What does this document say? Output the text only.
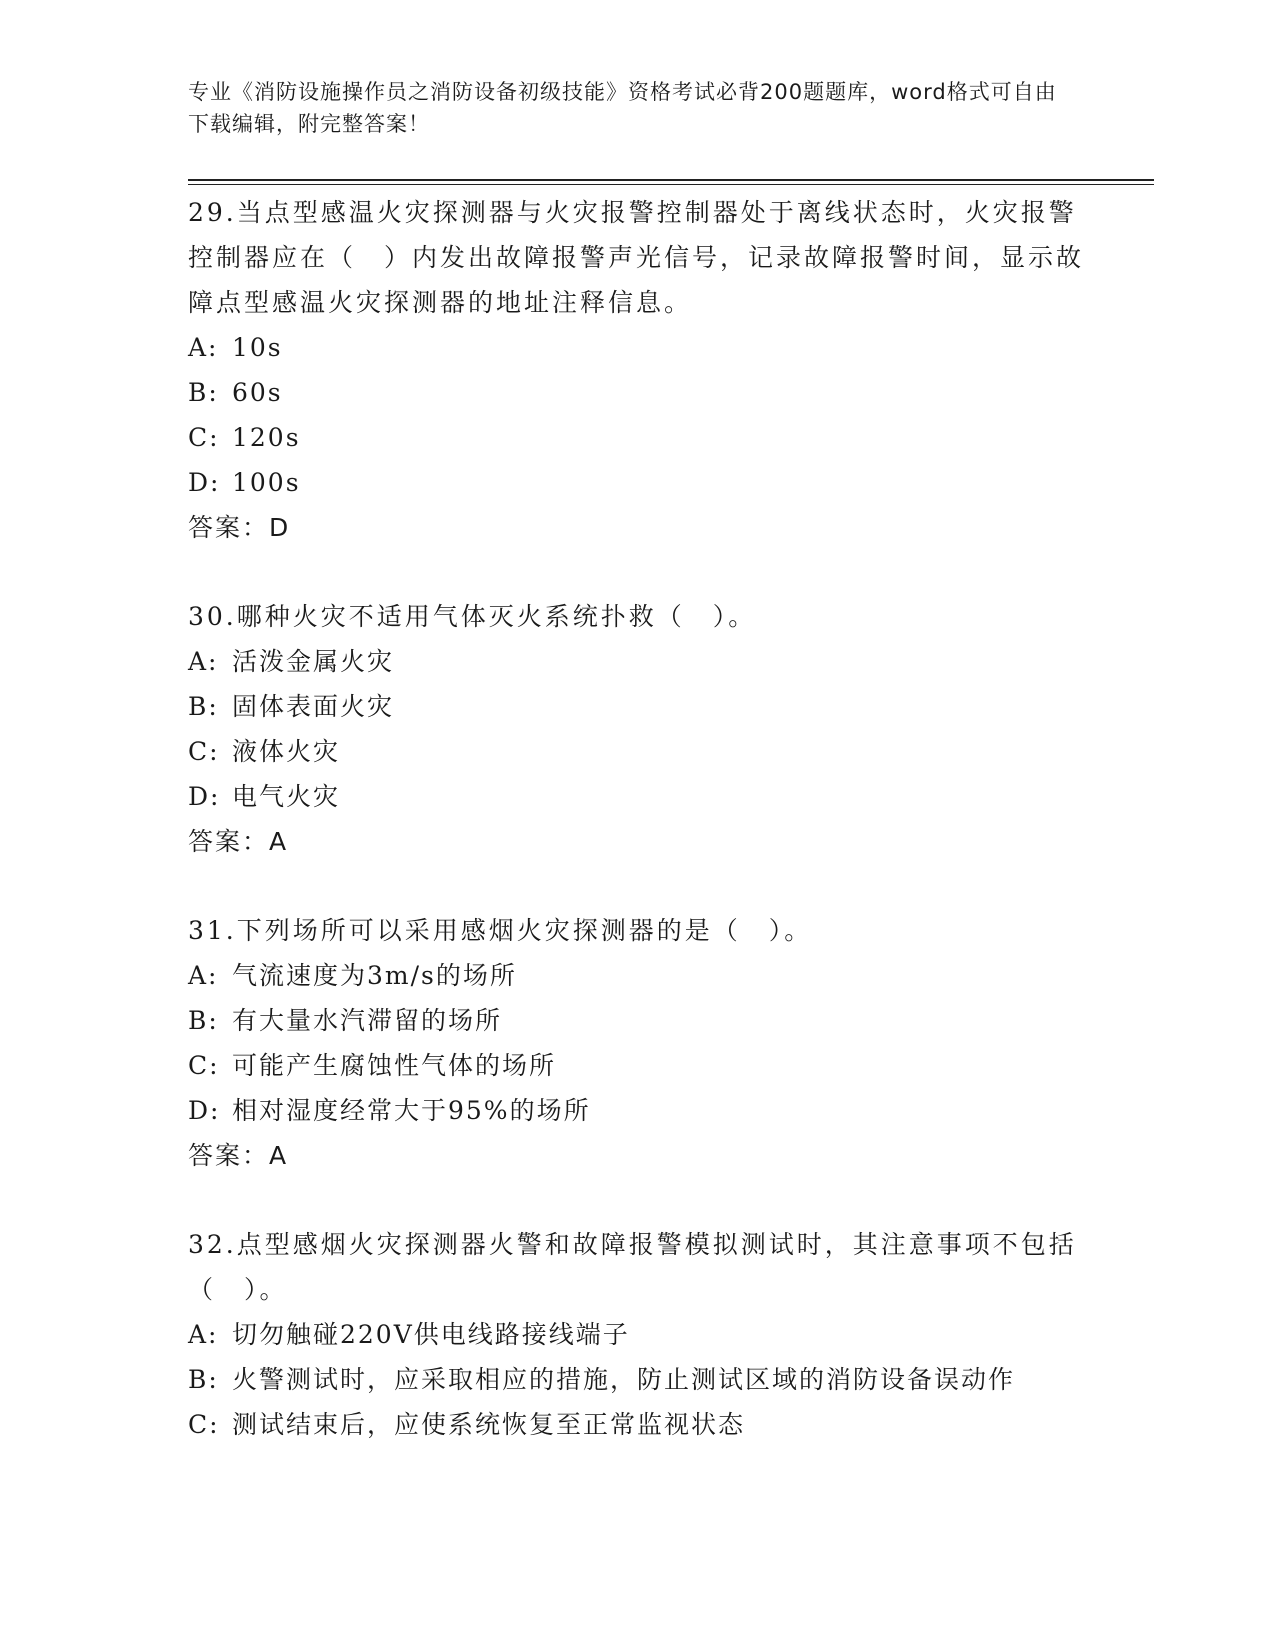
专业《消防设施操作员之消防设备初级技能》资格考试必背200题题库，word格式可自由下载编辑，附完整答案！

29.当点型感温火灾探测器与火灾报警控制器处于离线状态时，火灾报警控制器应在（　）内发出故障报警声光信号，记录故障报警时间，显示故障点型感温火灾探测器的地址注释信息。

A: 10s
B: 60s
C: 120s
D: 100s
答案：D

30.哪种火灾不适用气体灭火系统扑救（　）。

A: 活泼金属火灾
B: 固体表面火灾
C: 液体火灾
D: 电气火灾
答案：A

31.下列场所可以采用感烟火灾探测器的是（　）。

A: 气流速度为3m/s的场所
B: 有大量水汽滞留的场所
C: 可能产生腐蚀性气体的场所
D: 相对湿度经常大于95%的场所
答案：A

32.点型感烟火灾探测器火警和故障报警模拟测试时，其注意事项不包括（　）。

A: 切勿触碰220V供电线路接线端子
B: 火警测试时，应采取相应的措施，防止测试区域的消防设备误动作
C: 测试结束后，应使系统恢复至正常监视状态
